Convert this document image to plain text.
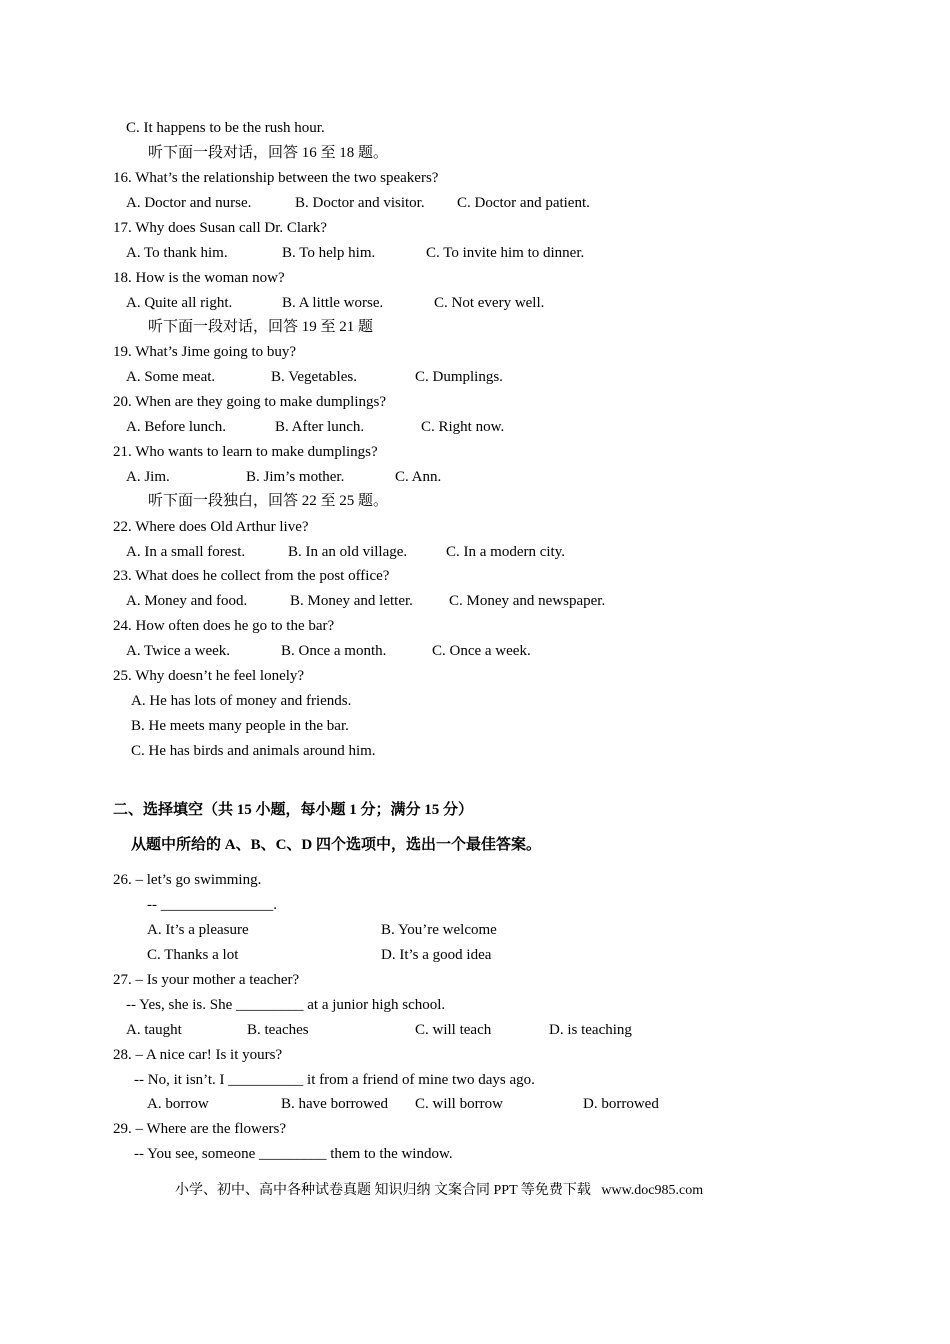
C. It happens to be the rush hour.
听下面一段对话，回答 16 至 18 题。
16. What’s the relationship between the two speakers?
A. Doctor and nurse.	B. Doctor and visitor. C. Doctor and patient.
17. Why does Susan call Dr. Clark?
A. To thank him.	B. To help him.	C. To invite him to dinner.
18. How is the woman now?
A. Quite all right.	B. A little worse.	C. Not every well.
听下面一段对话，回答 19 至 21 题
19. What’s Jime going to buy?
A. Some meat.	B. Vegetables.	C. Dumplings.
20. When are they going to make dumplings?
A. Before lunch.	B. After lunch.	C. Right now.
21. Who wants to learn to make dumplings?
A. Jim.	B. Jim’s mother.	C. Ann.
听下面一段独白，回答 22 至 25 题。
22. Where does Old Arthur live?
A. In a small forest.	B. In an old village.	C. In a modern city.
23. What does he collect from the post office?
A. Money and food.	B. Money and letter. C. Money and newspaper.
24. How often does he go to the bar?
A. Twice a week.	B. Once a month.	C. Once a week.
25. Why doesn’t he feel lonely?
A. He has lots of money and friends.
B. He meets many people in the bar.
C. He has birds and animals around him.
二、选择填空（共 15 小题，每小题 1 分；满分 15 分）
从题中所给的 A、B、C、D 四个选项中，选出一个最佳答案。
26. – let’s go swimming.
-- _______________.
A. It’s a pleasure	B. You’re welcome
C. Thanks a lot	D. It’s a good idea
27. – Is your mother a teacher?
-- Yes, she is. She _________ at a junior high school.
A. taught	B. teaches	C. will teach	D. is teaching
28. – A nice car! Is it yours?
-- No, it isn’t. I __________ it from a friend of mine two days ago.
A. borrow	B. have borrowed C. will borrow	D. borrowed
29. – Where are the flowers?
-- You see, someone _________ them to the window.
小学、初中、高中各种试卷真题 知识归纳 文案合同 PPT 等免费下载   www.doc985.com
